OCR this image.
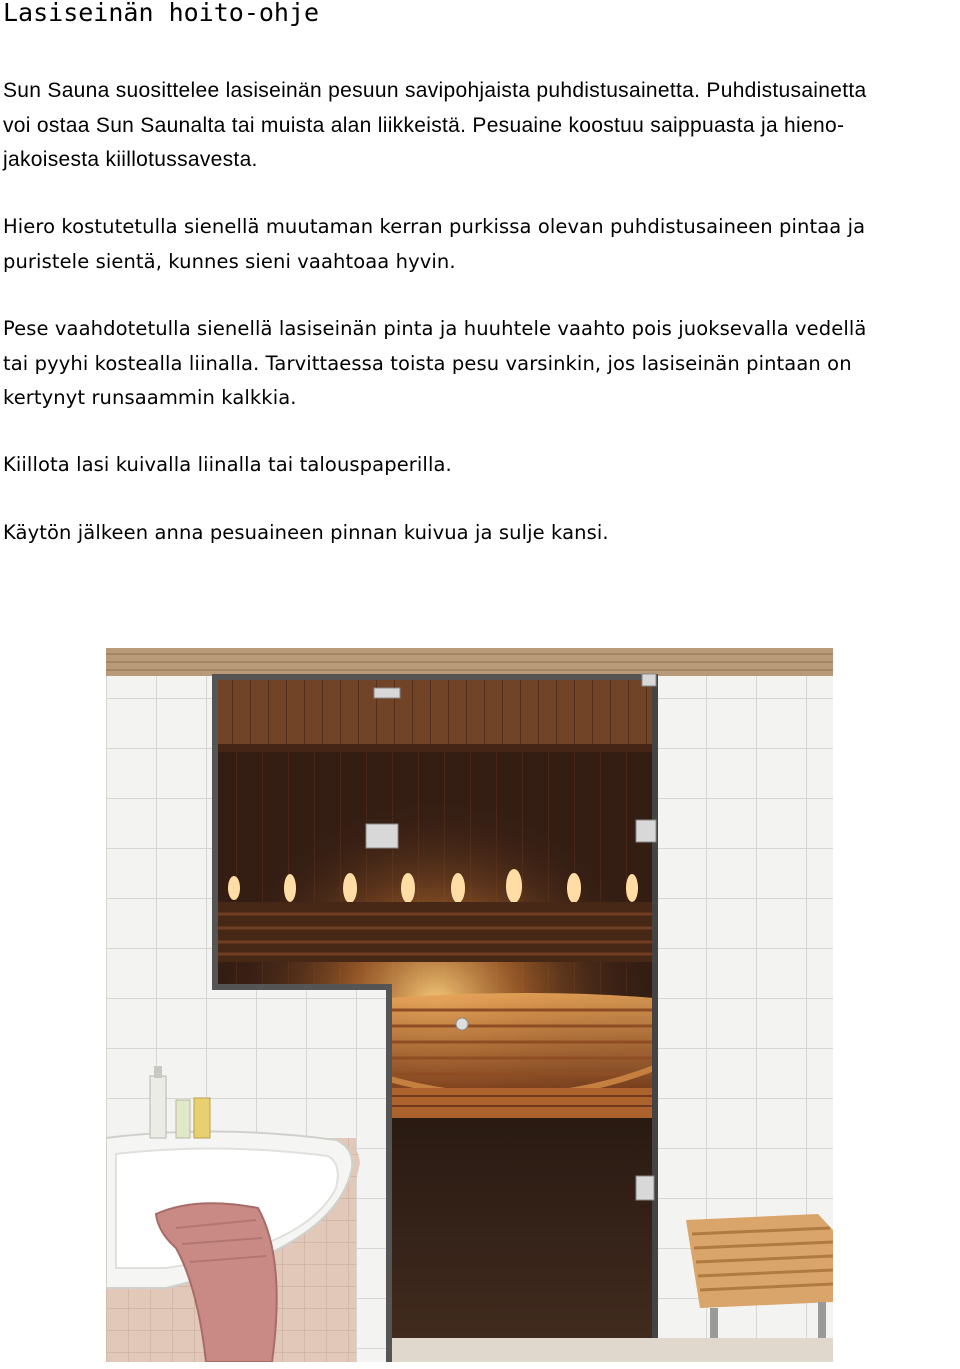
Lasiseinän hoito-ohje

Sun Sauna suosittelee lasiseinän pesuun savipohjaista puhdistusainetta. Puhdistusainetta
voi ostaa Sun Saunalta tai muista alan liikkeistä. Pesuaine koostuu saippuasta ja hieno-
jakoisesta kiillotussavesta.

Hiero kostutetulla sienellä muutaman kerran purkissa olevan puhdistusaineen pintaa ja
puristele sientä, kunnes sieni vaahtoaa hyvin.

Pese vaahdotetulla sienellä lasiseinän pinta ja huuhtele vaahto pois juoksevalla vedellä
tai pyyhi kostealla liinalla. Tarvittaessa toista pesu varsinkin, jos lasiseinän pintaan on
kertynyt runsaammin kalkkia.

Kiillota lasi kuivalla liinalla tai talouspaperilla.

Käytön jälkeen anna pesuaineen pinnan kuivua ja sulje kansi.
